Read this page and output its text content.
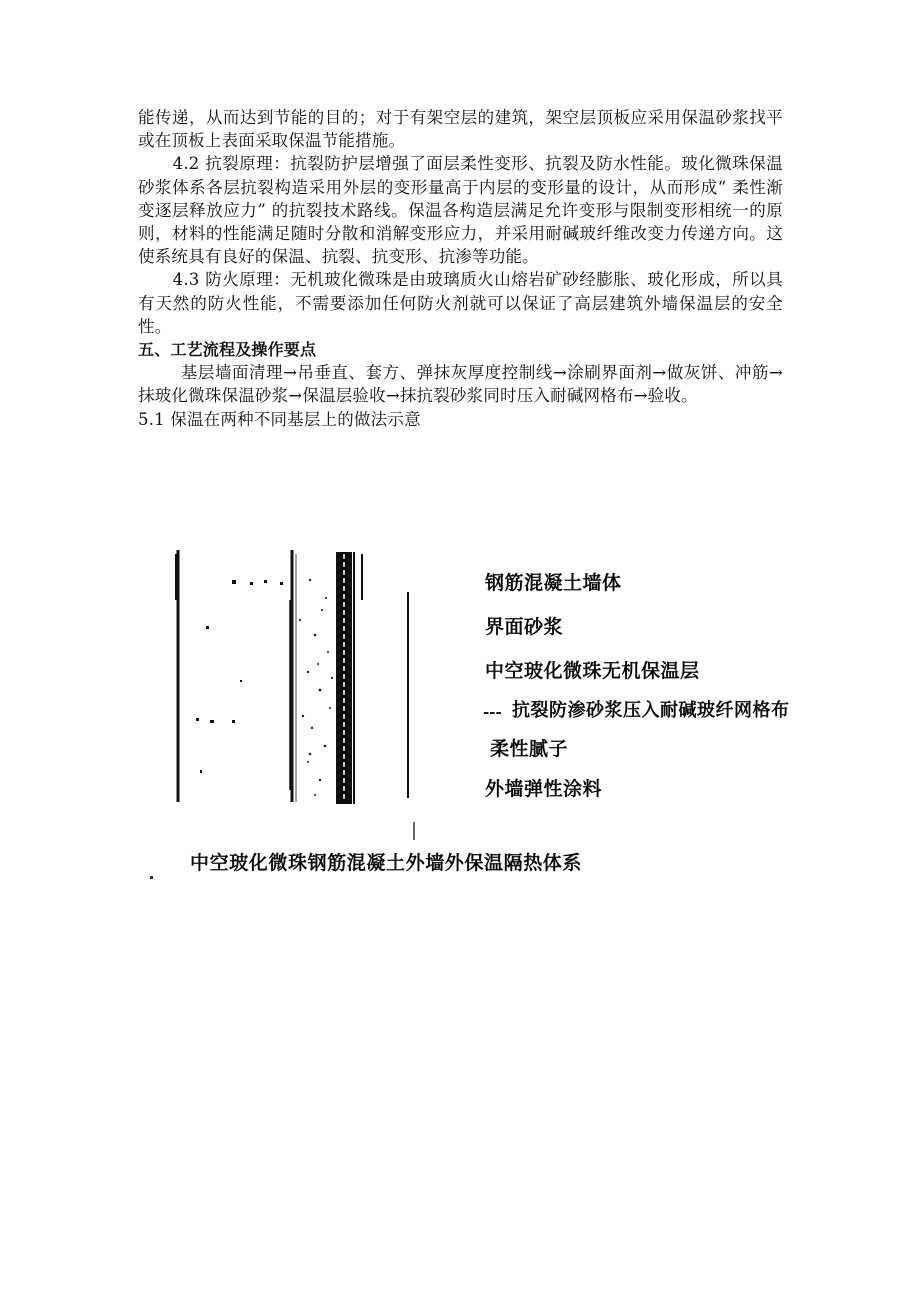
能传递，从而达到节能的目的；对于有架空层的建筑，架空层顶板应采用保温砂浆找平或在顶板上表面采取保温节能措施。

4.2 抗裂原理：抗裂防护层增强了面层柔性变形、抗裂及防水性能。玻化微珠保温砂浆体系各层抗裂构造采用外层的变形量高于内层的变形量的设计，从而形成“ 柔性渐变逐层释放应力” 的抗裂技术路线。保温各构造层满足允许变形与限制变形相统一的原则，材料的性能满足随时分散和消解变形应力，并采用耐碱玻纤维改变力传递方向。这使系统具有良好的保温、抗裂、抗变形、抗渗等功能。

4.3 防火原理：无机玻化微珠是由玻璃质火山熔岩矿砂经膨胀、玻化形成，所以具有天然的防火性能，不需要添加任何防火剂就可以保证了高层建筑外墙保温层的安全性。

五、工艺流程及操作要点

基层墙面清理→吊垂直、套方、弹抹灰厚度控制线→涂刷界面剂→做灰饼、冲筋→抹玻化微珠保温砂浆→保温层验收→抹抗裂砂浆同时压入耐碱网格布→验收。

5.1 保温在两种不同基层上的做法示意

钢筋混凝土墙体
界面砂浆
中空玻化微珠无机保温层
--- 抗裂防渗砂浆压入耐碱玻纤网格布
柔性腻子
外墙弹性涂料
中空玻化微珠钢筋混凝土外墙外保温隔热体系
